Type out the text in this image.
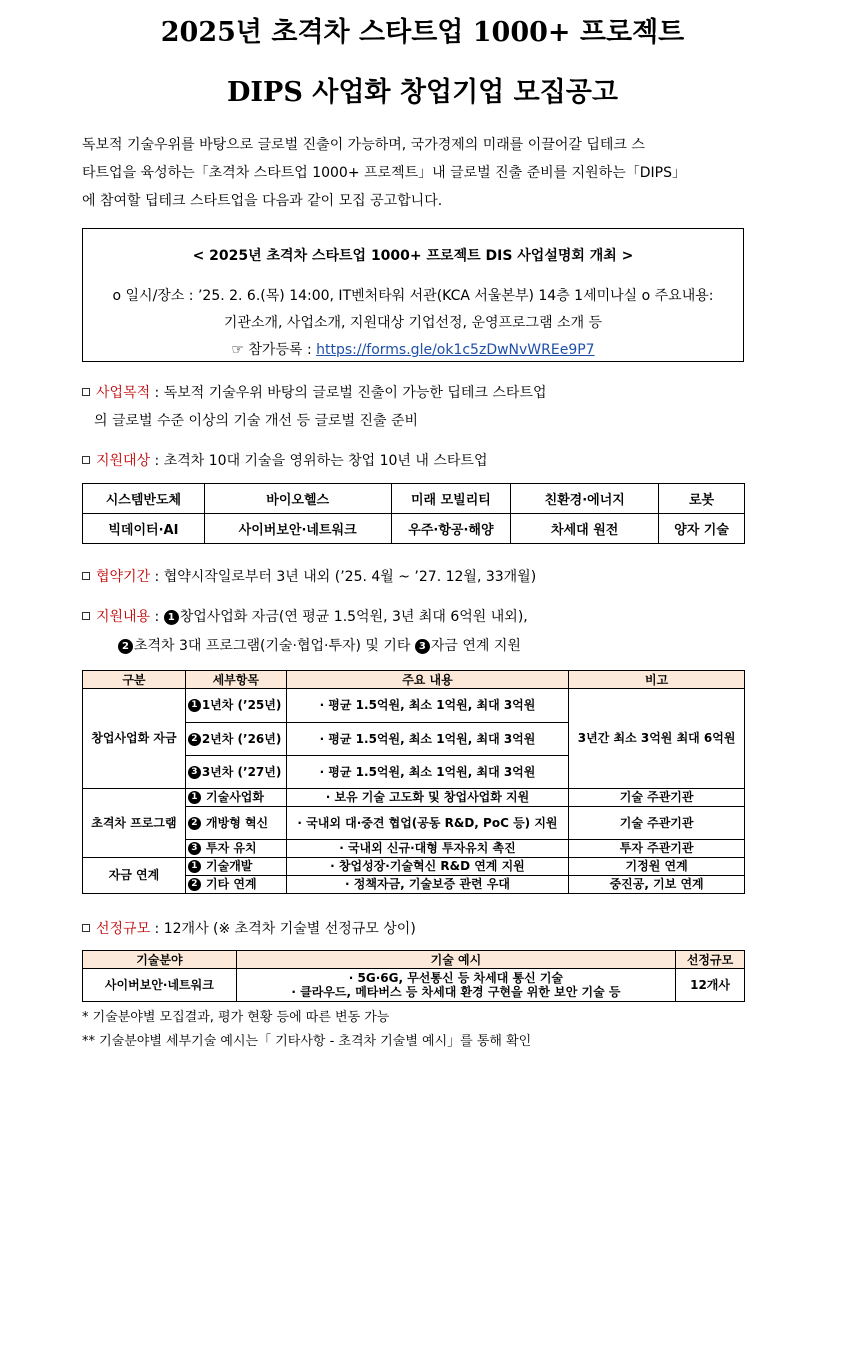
2025년 초격차 스타트업 1000+ 프로젝트
DIPS 사업화 창업기업 모집공고
독보적 기술우위를 바탕으로 글로벌 진출이 가능하며, 국가경제의 미래를 이끌어갈 딥테크 스
타트업을 육성하는「초격차 스타트업 1000+ 프로젝트」내 글로벌 진출 준비를 지원하는「DIPS」
에 참여할 딥테크 스타트업을 다음과 같이 모집 공고합니다.
< 2025년 초격차 스타트업 1000+ 프로젝트 DIS 사업설명회 개최 >
o 일시/장소 : ’25. 2. 6.(목) 14:00, IT벤처타워 서관(KCA 서울본부) 14층 1세미나실 o 주요내용:
기관소개, 사업소개, 지원대상 기업선정, 운영프로그램 소개 등
☞ 참가등록 : https://forms.gle/ok1c5zDwNvWREe9P7
사업목적 : 독보적 기술우위 바탕의 글로벌 진출이 가능한 딥테크 스타트업
의 글로벌 수준 이상의 기술 개선 등 글로벌 진출 준비
지원대상 : 초격차 10대 기술을 영위하는 창업 10년 내 스타트업
시스템반도체	바이오헬스	미래 모빌리티	친환경·에너지	로봇
빅데이터·AI	사이버보안·네트워크	우주·항공·해양	차세대 원전	양자 기술
협약기간 : 협약시작일로부터 3년 내외 (’25. 4월 ~ ’27. 12월, 33개월)
지원내용 : 1 창업사업화 자금(연 평균 1.5억원, 3년 최대 6억원 내외),
2 초격차 3대 프로그램(기술·협업·투자) 및 기타 3 자금 연계 지원
구분	세부항목	주요 내용	비고
창업사업화 자금	1 1년차 (’25년)	· 평균 1.5억원, 최소 1억원, 최대 3억원	3년간 최소 3억원 최대 6억원
	2 2년차 (’26년)	· 평균 1.5억원, 최소 1억원, 최대 3억원	
	3 3년차 (’27년)	· 평균 1.5억원, 최소 1억원, 최대 3억원	
초격차 프로그램	1 기술사업화	· 보유 기술 고도화 및 창업사업화 지원	기술 주관기관
	2 개방형 혁신	· 국내외 대·중견 협업(공동 R&D, PoC 등) 지원	기술 주관기관
	3 투자 유치	· 국내외 신규·대형 투자유치 촉진	투자 주관기관
자금 연계	1 기술개발	· 창업성장·기술혁신 R&D 연계 지원	기정원 연계
	2 기타 연계	· 정책자금, 기술보증 관련 우대	중진공, 기보 연계
선정규모 : 12개사 (※ 초격차 기술별 선정규모 상이)
기술분야	기술 예시	선정규모
사이버보안·네트워크	· 5G·6G, 무선통신 등 차세대 통신 기술
· 클라우드, 메타버스 등 차세대 환경 구현을 위한 보안 기술 등	12개사
* 기술분야별 모집결과, 평가 현황 등에 따른 변동 가능
** 기술분야별 세부기술 예시는「 기타사항 - 초격차 기술별 예시」를 통해 확인
